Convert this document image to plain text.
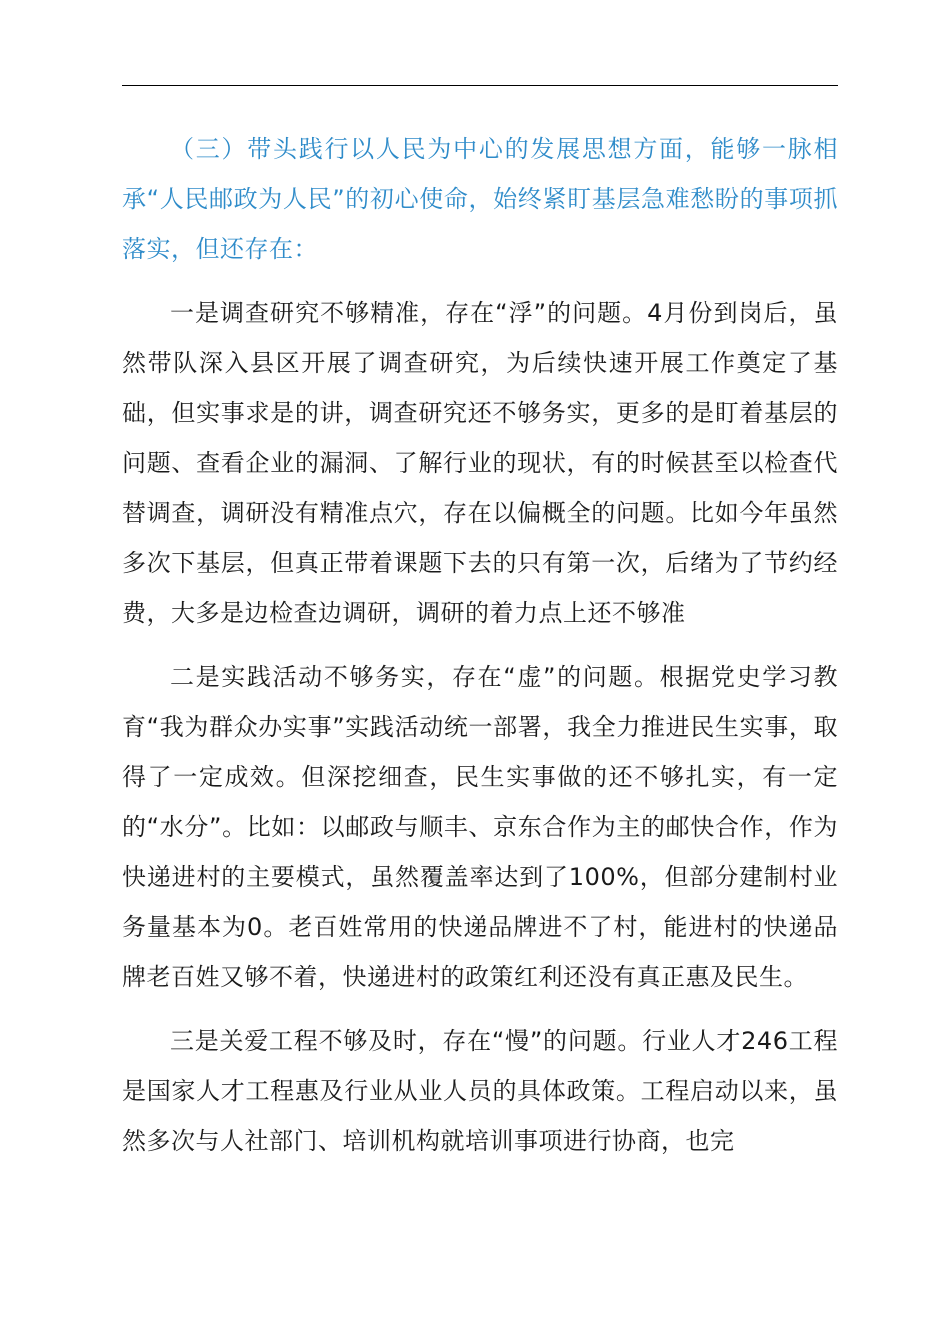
（三）带头践行以人民为中心的发展思想方面，能够一脉相承“人民邮政为人民”的初心使命，始终紧盯基层急难愁盼的事项抓落实，但还存在：

一是调查研究不够精准，存在“浮”的问题。4月份到岗后，虽然带队深入县区开展了调查研究，为后续快速开展工作奠定了基础，但实事求是的讲，调查研究还不够务实，更多的是盯着基层的问题、查看企业的漏洞、了解行业的现状，有的时候甚至以检查代替调查，调研没有精准点穴，存在以偏概全的问题。比如今年虽然多次下基层，但真正带着课题下去的只有第一次，后绪为了节约经费，大多是边检查边调研，调研的着力点上还不够准

二是实践活动不够务实，存在“虚”的问题。根据党史学习教育“我为群众办实事”实践活动统一部署，我全力推进民生实事，取得了一定成效。但深挖细查，民生实事做的还不够扎实，有一定的“水分”。比如：以邮政与顺丰、京东合作为主的邮快合作，作为快递进村的主要模式，虽然覆盖率达到了100%，但部分建制村业务量基本为0。老百姓常用的快递品牌进不了村，能进村的快递品牌老百姓又够不着，快递进村的政策红利还没有真正惠及民生。

三是关爱工程不够及时，存在“慢”的问题。行业人才246工程是国家人才工程惠及行业从业人员的具体政策。工程启动以来，虽然多次与人社部门、培训机构就培训事项进行协商，也完
